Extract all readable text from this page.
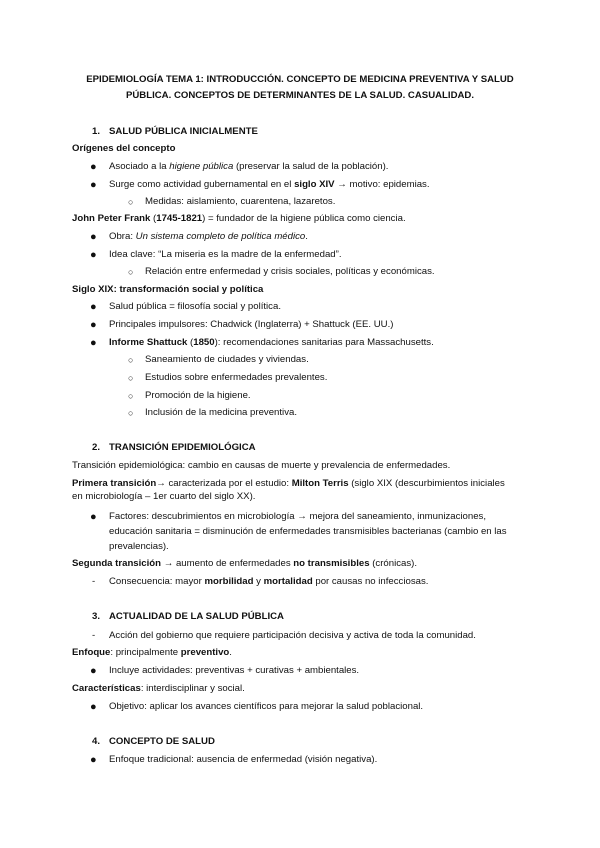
EPIDEMIOLOGÍA TEMA 1: INTRODUCCIÓN. CONCEPTO DE MEDICINA PREVENTIVA Y SALUD
PÚBLICA. CONCEPTOS DE DETERMINANTES DE LA SALUD. CASUALIDAD.
1. SALUD PÚBLICA INICIALMENTE
Orígenes del concepto
● Asociado a la higiene pública (preservar la salud de la población).
● Surge como actividad gubernamental en el siglo XIV → motivo: epidemias.
○ Medidas: aislamiento, cuarentena, lazaretos.
John Peter Frank (1745-1821) = fundador de la higiene pública como ciencia.
● Obra: Un sistema completo de política médico.
● Idea clave: “La miseria es la madre de la enfermedad”.
○ Relación entre enfermedad y crisis sociales, políticas y económicas.
Siglo XIX: transformación social y política
● Salud pública = filosofía social y política.
● Principales impulsores: Chadwick (Inglaterra) + Shattuck (EE. UU.)
● Informe Shattuck (1850): recomendaciones sanitarias para Massachusetts.
○ Saneamiento de ciudades y viviendas.
○ Estudios sobre enfermedades prevalentes.
○ Promoción de la higiene.
○ Inclusión de la medicina preventiva.
2. TRANSICIÓN EPIDEMIOLÓGICA
Transición epidemiológica: cambio en causas de muerte y prevalencia de enfermedades.
Primera transición→ caracterizada por el estudio: Milton Terris (siglo XIX (descurbimientos iniciales
en microbiología – 1er cuarto del siglo XX).
● Factores: descubrimientos en microbiología → mejora del saneamiento, inmunizaciones,
educación sanitaria = disminución de enfermedades transmisibles bacterianas (cambio en las
prevalencias).
Segunda transición → aumento de enfermedades no transmisibles (crónicas).
- Consecuencia: mayor morbilidad y mortalidad por causas no infecciosas.
3. ACTUALIDAD DE LA SALUD PÚBLICA
- Acción del gobierno que requiere participación decisiva y activa de toda la comunidad.
Enfoque: principalmente preventivo.
● Incluye actividades: preventivas + curativas + ambientales.
Características: interdisciplinar y social.
● Objetivo: aplicar los avances científicos para mejorar la salud poblacional.
4. CONCEPTO DE SALUD
● Enfoque tradicional: ausencia de enfermedad (visión negativa).
